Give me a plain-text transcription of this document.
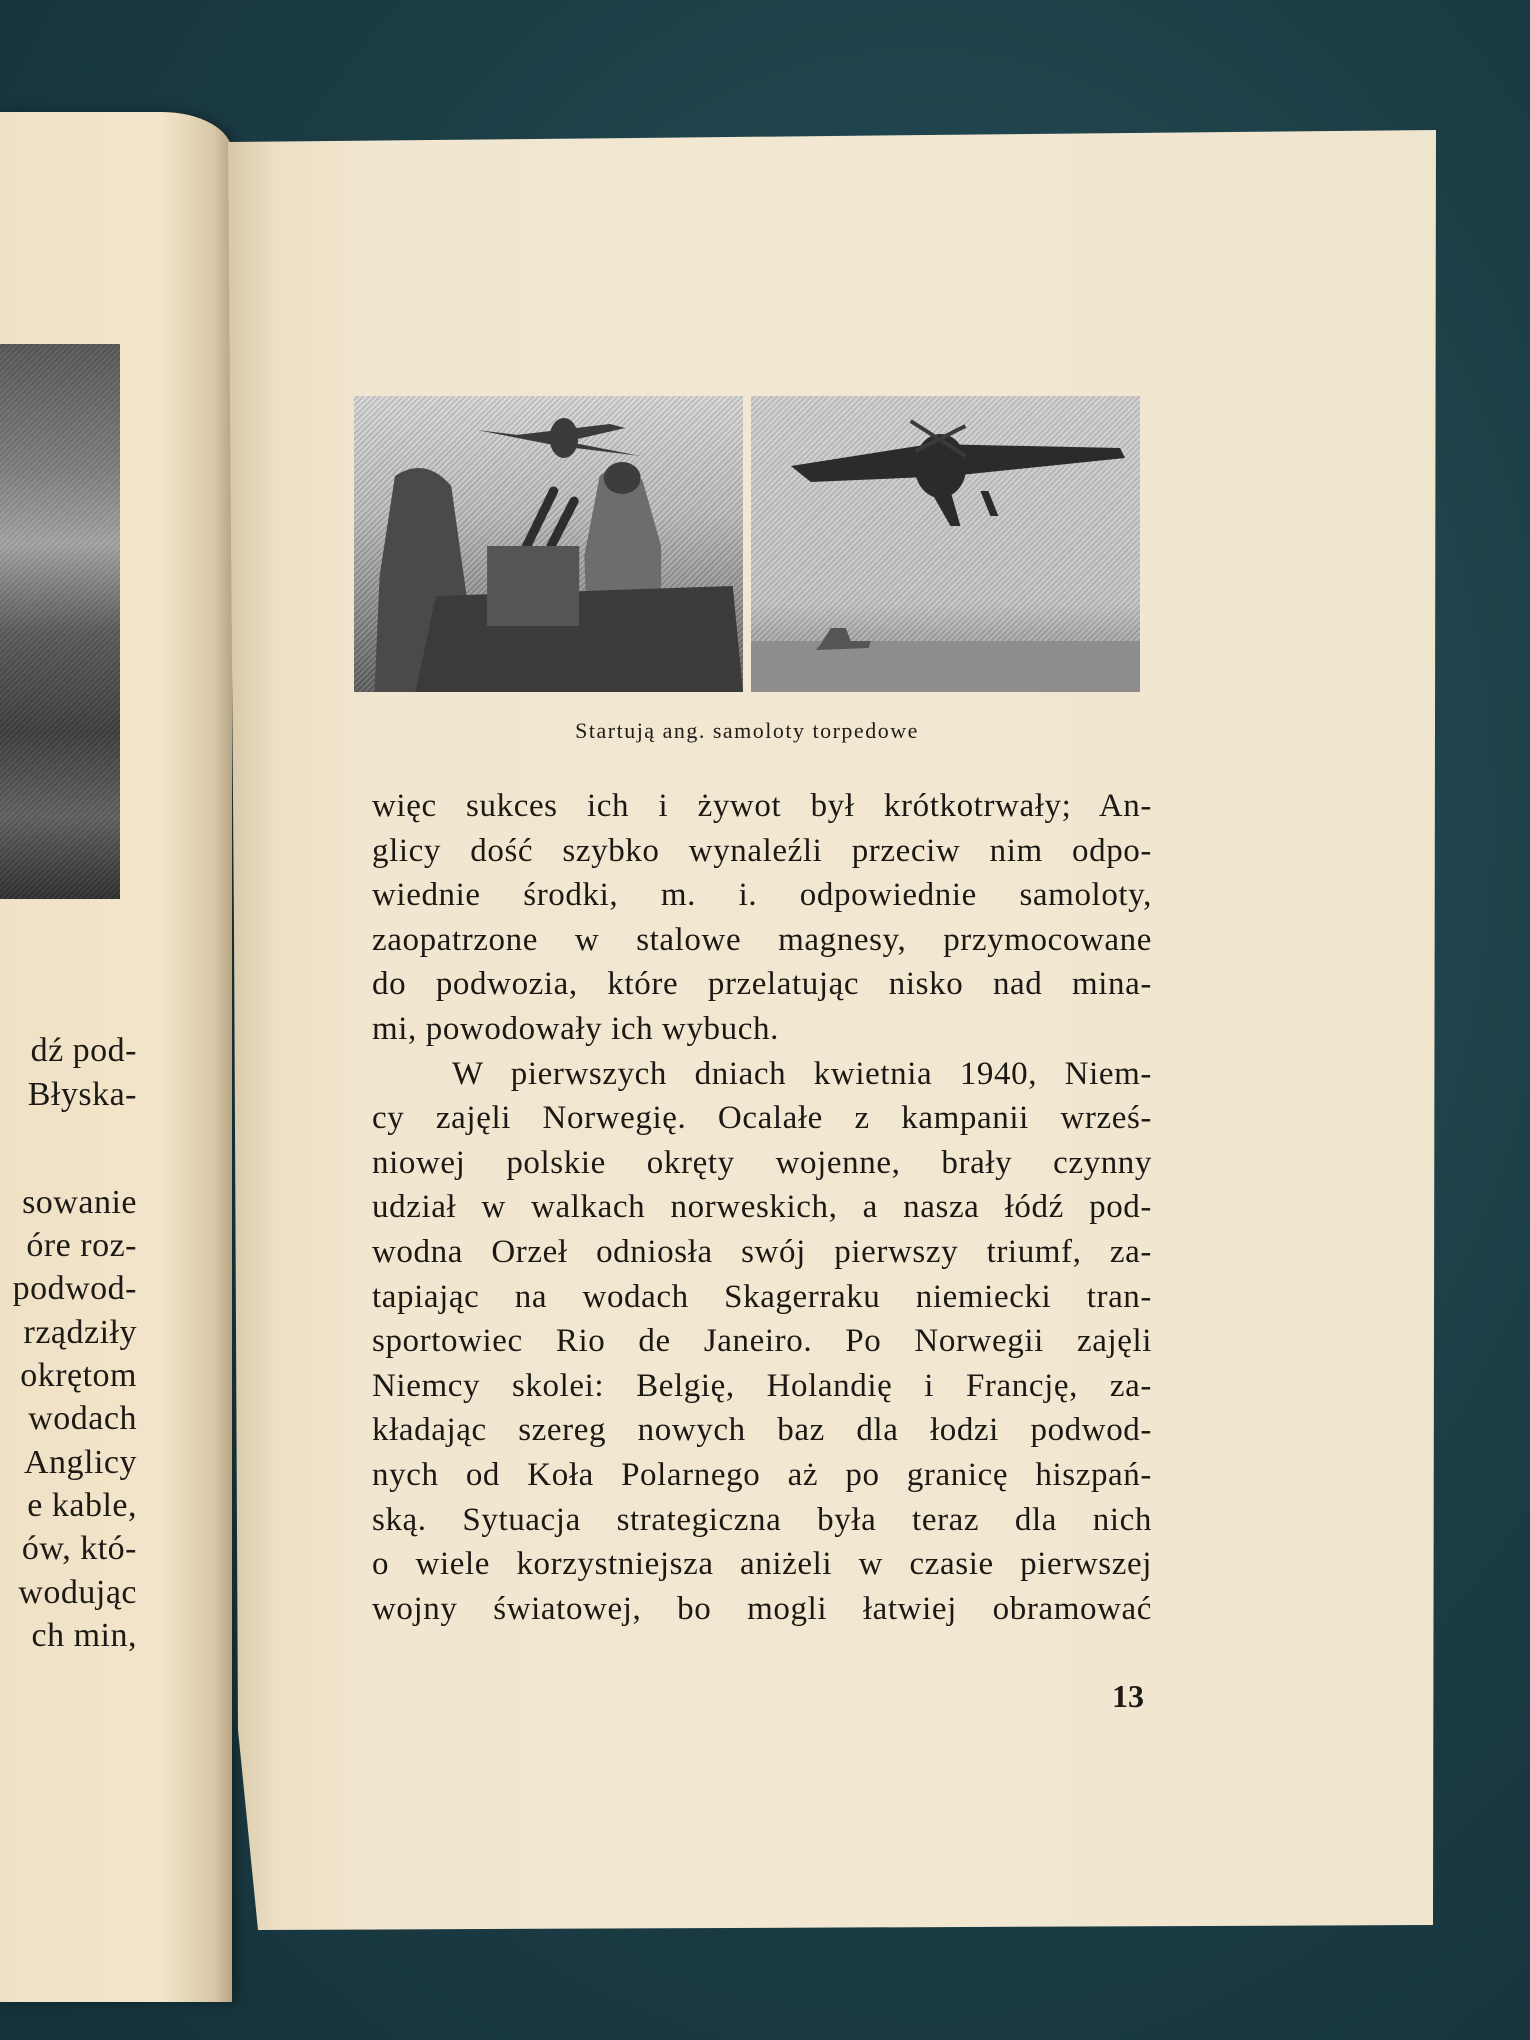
dź pod-
Błyska-
sowanie
óre roz-
podwod-
rządziły
okrętom
wodach
Anglicy
e kable,
ów, któ-
wodując
ch min,
Startują ang. samoloty torpedowe
więc sukces ich i żywot był krótkotrwały; An-
glicy dość szybko wynaleźli przeciw nim odpo-
wiednie środki, m. i. odpowiednie samoloty,
zaopatrzone w stalowe magnesy, przymocowane
do podwozia, które przelatując nisko nad mina-
mi, powodowały ich wybuch.
W pierwszych dniach kwietnia 1940, Niem-
cy zajęli Norwegię. Ocalałe z kampanii wrześ-
niowej polskie okręty wojenne, brały czynny
udział w walkach norweskich, a nasza łódź pod-
wodna Orzeł odniosła swój pierwszy triumf, za-
tapiając na wodach Skagerraku niemiecki tran-
sportowiec Rio de Janeiro. Po Norwegii zajęli
Niemcy skolei: Belgię, Holandię i Francję, za-
kładając szereg nowych baz dla łodzi podwod-
nych od Koła Polarnego aż po granicę hiszpań-
ską. Sytuacja strategiczna była teraz dla nich
o wiele korzystniejsza aniżeli w czasie pierwszej
wojny światowej, bo mogli łatwiej obramować
13
